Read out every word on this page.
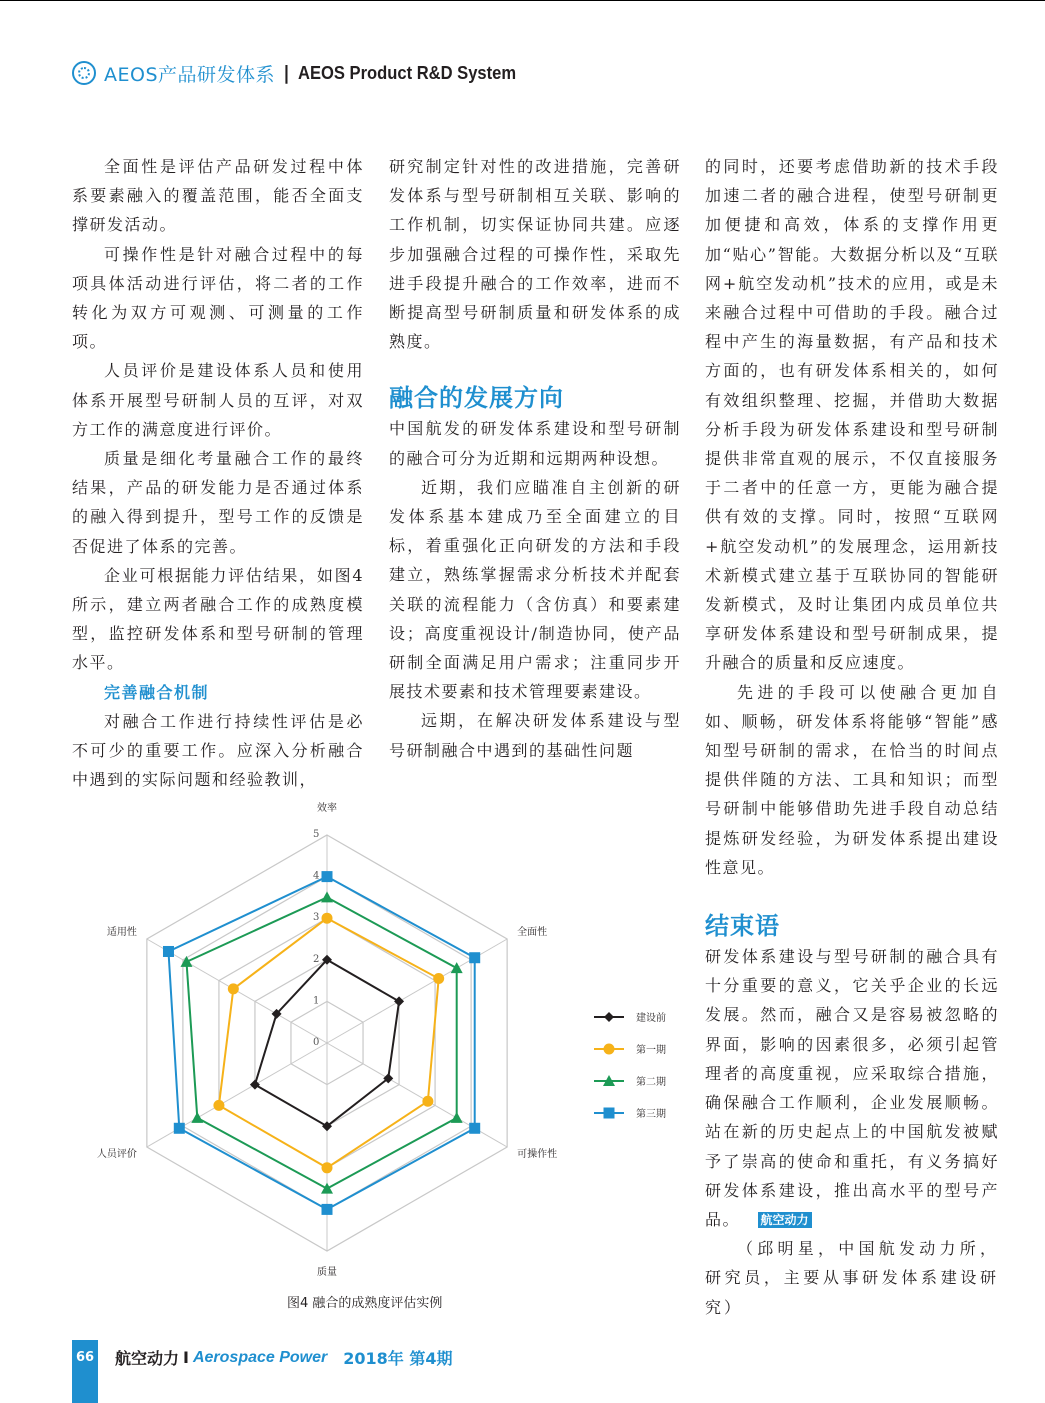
AEOS产品研发体系 | AEOS Product R&D System

全面性是评估产品研发过程中体系要素融入的覆盖范围，能否全面支撑研发活动。

可操作性是针对融合过程中的每项具体活动进行评估，将二者的工作转化为双方可观测、可测量的工作项。

人员评价是建设体系人员和使用体系开展型号研制人员的互评，对双方工作的满意度进行评价。

质量是细化考量融合工作的最终结果，产品的研发能力是否通过体系的融入得到提升，型号工作的反馈是否促进了体系的完善。

企业可根据能力评估结果，如图4所示，建立两者融合工作的成熟度模型，监控研发体系和型号研制的管理水平。

完善融合机制

对融合工作进行持续性评估是必不可少的重要工作。应深入分析融合中遇到的实际问题和经验教训，

研究制定针对性的改进措施，完善研发体系与型号研制相互关联、影响的工作机制，切实保证协同共建。应逐步加强融合过程的可操作性，采取先进手段提升融合的工作效率，进而不断提高型号研制质量和研发体系的成熟度。

融合的发展方向

中国航发的研发体系建设和型号研制的融合可分为近期和远期两种设想。

近期，我们应瞄准自主创新的研发体系基本建成乃至全面建立的目标，着重强化正向研发的方法和手段建立，熟练掌握需求分析技术并配套关联的流程能力（含仿真）和要素建设；高度重视设计/制造协同，使产品研制全面满足用户需求；注重同步开展技术要素和技术管理要素建设。

远期，在解决研发体系建设与型号研制融合中遇到的基础性问题

的同时，还要考虑借助新的技术手段加速二者的融合进程，使型号研制更加便捷和高效，体系的支撑作用更加“贴心”智能。大数据分析以及“互联网+航空发动机”技术的应用，或是未来融合过程中可借助的手段。融合过程中产生的海量数据，有产品和技术方面的，也有研发体系相关的，如何有效组织整理、挖掘，并借助大数据分析手段为研发体系建设和型号研制提供非常直观的展示，不仅直接服务于二者中的任意一方，更能为融合提供有效的支撑。同时，按照“互联网+航空发动机”的发展理念，运用新技术新模式建立基于互联协同的智能研发新模式，及时让集团内成员单位共享研发体系建设和型号研制成果，提升融合的质量和反应速度。

先进的手段可以使融合更加自如、顺畅，研发体系将能够“智能”感知型号研制的需求，在恰当的时间点提供伴随的方法、工具和知识；而型号研制中能够借助先进手段自动总结提炼研发经验，为研发体系提出建设性意见。

结束语

研发体系建设与型号研制的融合具有十分重要的意义，它关乎企业的长远发展。然而，融合又是容易被忽略的界面，影响的因素很多，必须引起管理者的高度重视，应采取综合措施，确保融合工作顺利，企业发展顺畅。站在新的历史起点上的中国航发被赋予了崇高的使命和重托，有义务搞好研发体系建设，推出高水平的型号产品。  航空动力

（邱明星，中国航发动力所，研究员，主要从事研发体系建设研究）

0
1
2
3
4
5
效率
全面性
可操作性
质量
人员评价
适用性
建设前
第一期
第二期
第三期
图4 融合的成熟度评估实例
66 航空动力 I Aerospace Power 2018年 第4期
